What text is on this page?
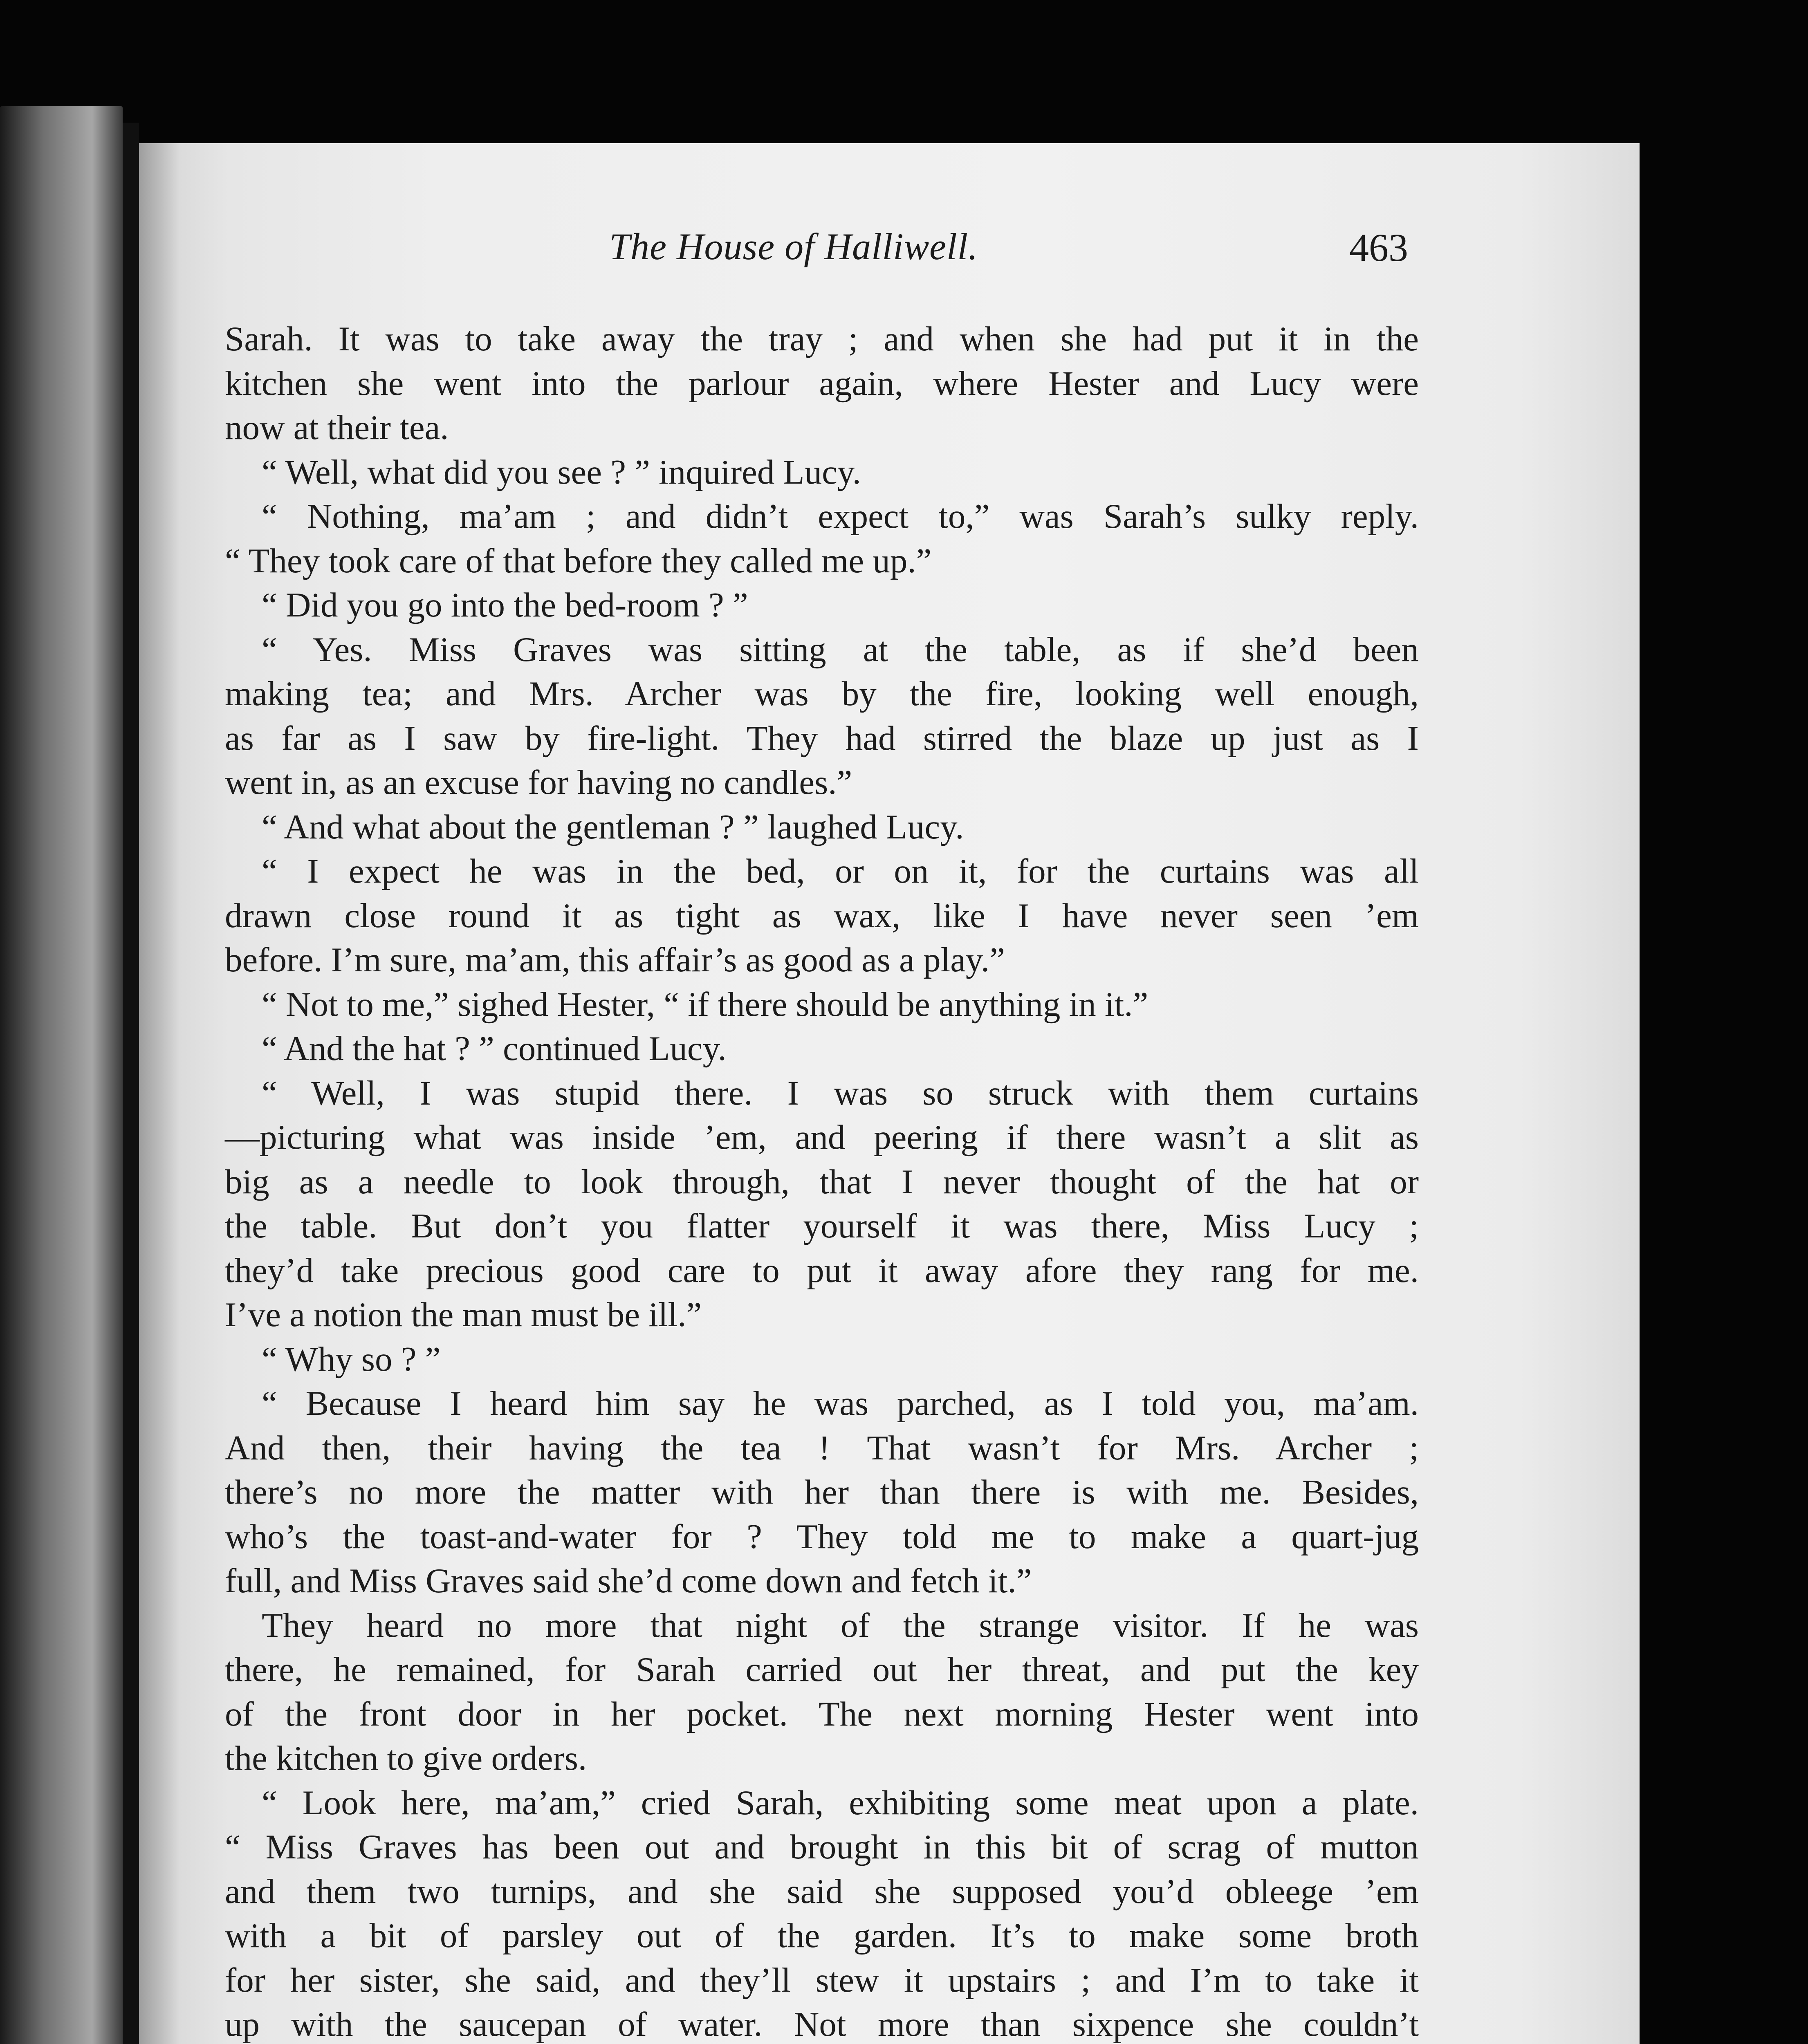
The House of Halliwell.	463
Sarah. It was to take away the tray ; and when she had put it in the
kitchen she went into the parlour again, where Hester and Lucy were
now at their tea.
“ Well, what did you see ? ” inquired Lucy.
“ Nothing, ma’am ; and didn’t expect to,” was Sarah’s sulky reply.
“ They took care of that before they called me up.”
“ Did you go into the bed-room ? ”
“ Yes. Miss Graves was sitting at the table, as if she’d been
making tea; and Mrs. Archer was by the fire, looking well enough,
as far as I saw by fire-light. They had stirred the blaze up just as I
went in, as an excuse for having no candles.”
“ And what about the gentleman ? ” laughed Lucy.
“ I expect he was in the bed, or on it, for the curtains was all
drawn close round it as tight as wax, like I have never seen ’em
before. I’m sure, ma’am, this affair’s as good as a play.”
“ Not to me,” sighed Hester, “ if there should be anything in it.”
“ And the hat ? ” continued Lucy.
“ Well, I was stupid there. I was so struck with them curtains
—picturing what was inside ’em, and peering if there wasn’t a slit as
big as a needle to look through, that I never thought of the hat or
the table. But don’t you flatter yourself it was there, Miss Lucy ;
they’d take precious good care to put it away afore they rang for me.
I’ve a notion the man must be ill.”
“ Why so ? ”
“ Because I heard him say he was parched, as I told you, ma’am.
And then, their having the tea ! That wasn’t for Mrs. Archer ;
there’s no more the matter with her than there is with me. Besides,
who’s the toast-and-water for ? They told me to make a quart-jug
full, and Miss Graves said she’d come down and fetch it.”
They heard no more that night of the strange visitor. If he was
there, he remained, for Sarah carried out her threat, and put the key
of the front door in her pocket. The next morning Hester went into
the kitchen to give orders.
“ Look here, ma’am,” cried Sarah, exhibiting some meat upon a plate.
“ Miss Graves has been out and brought in this bit of scrag of mutton
and them two turnips, and she said she supposed you’d obleege ’em
with a bit of parsley out of the garden. It’s to make some broth
for her sister, she said, and they’ll stew it upstairs ; and I’m to take it
up with the saucepan of water. Not more than sixpence she couldn’t
